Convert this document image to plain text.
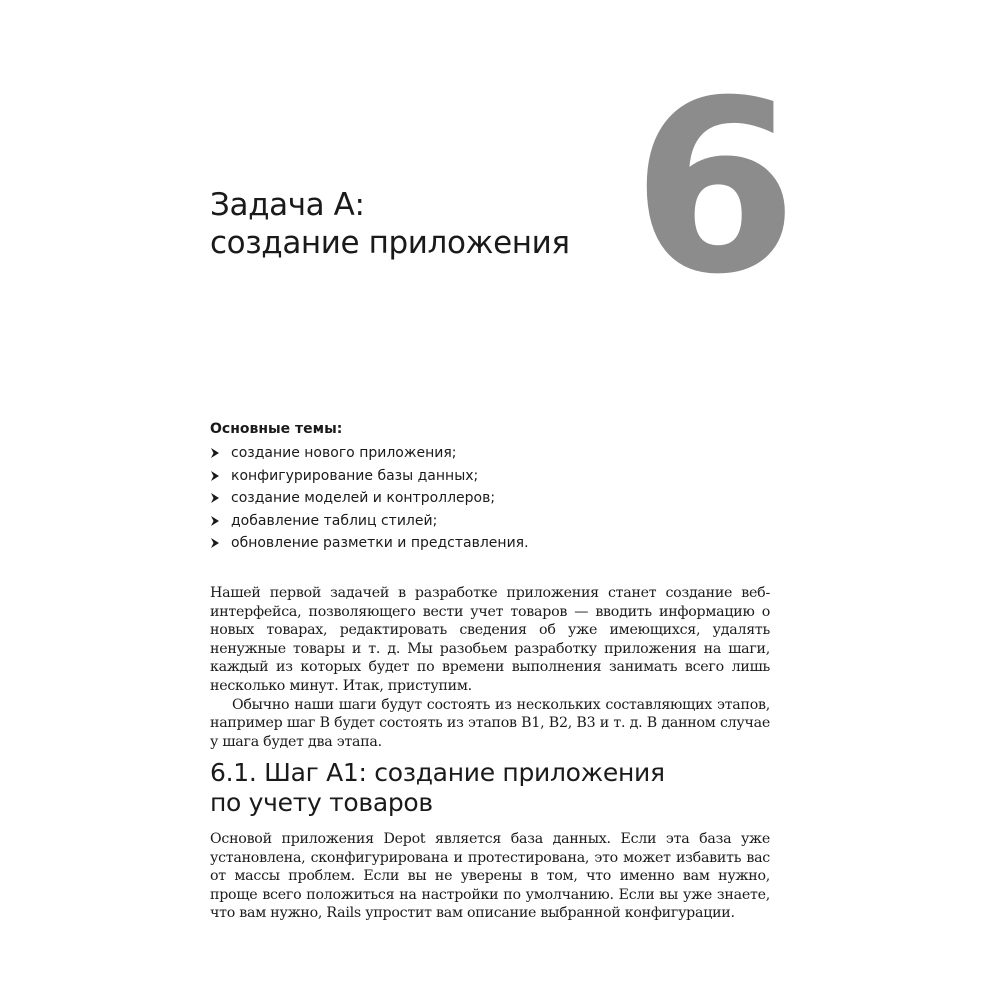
6
Задача А:
создание приложения
Основные темы:
создание нового приложения;
конфигурирование базы данных;
создание моделей и контроллеров;
добавление таблиц стилей;
обновление разметки и представления.

Нашей первой задачей в разработке приложения станет создание веб-интерфейса, позволяющего вести учет товаров — вводить информацию о новых товарах, редактировать сведения об уже имеющихся, удалять ненужные товары и т. д. Мы разобьем разработку приложения на шаги, каждый из которых будет по времени выполнения занимать всего лишь несколько минут. Итак, приступим.

Обычно наши шаги будут состоять из нескольких составляющих этапов, например шаг B будет состоять из этапов B1, B2, B3 и т. д. В данном случае у шага будет два этапа.

6.1. Шаг А1: создание приложения
по учету товаров

Основой приложения Depot является база данных. Если эта база уже установлена, сконфигурирована и протестирована, это может избавить вас от массы проблем. Если вы не уверены в том, что именно вам нужно, проще всего положиться на настройки по умолчанию. Если вы уже знаете, что вам нужно, Rails упростит вам описание выбранной конфигурации.
